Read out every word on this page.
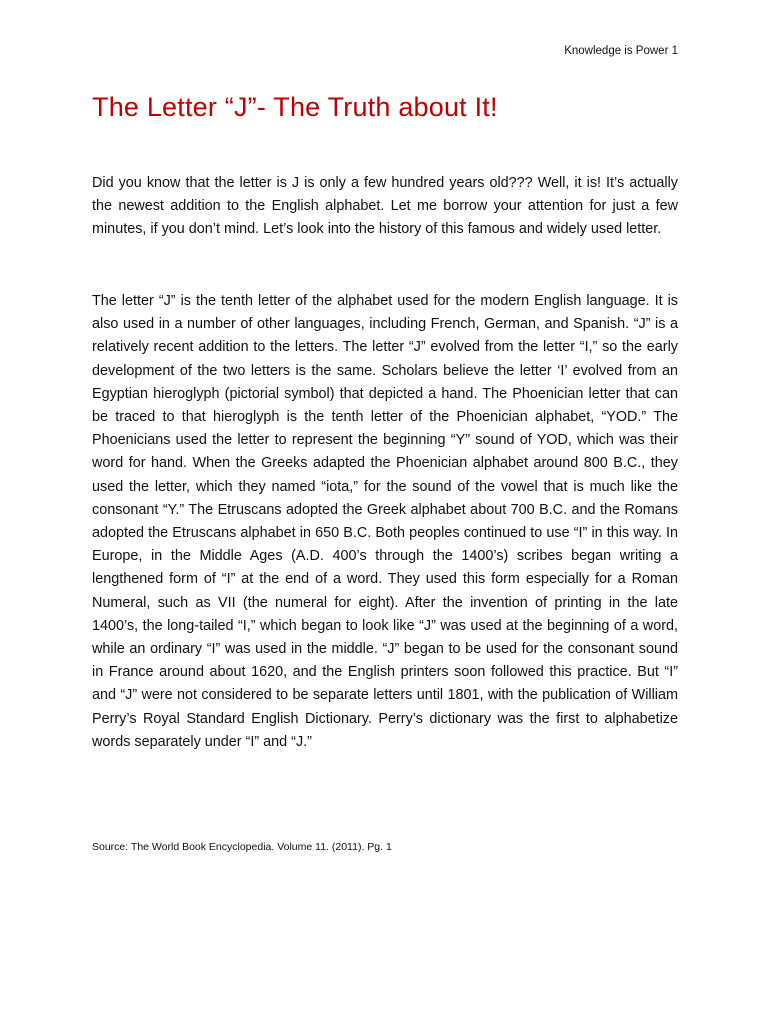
Knowledge is Power 1
The Letter “J”- The Truth about It!

Did you know that the letter is J is only a few hundred years old??? Well, it is! It’s actually the newest addition to the English alphabet. Let me borrow your attention for just a few minutes, if you don’t mind. Let’s look into the history of this famous and widely used letter.

The letter “J” is the tenth letter of the alphabet used for the modern English language. It is also used in a number of other languages, including French, German, and Spanish. “J” is a relatively recent addition to the letters. The letter “J” evolved from the letter “I,” so the early development of the two letters is the same. Scholars believe the letter ‘I’ evolved from an Egyptian hieroglyph (pictorial symbol) that depicted a hand. The Phoenician letter that can be traced to that hieroglyph is the tenth letter of the Phoenician alphabet, “YOD.” The Phoenicians used the letter to represent the beginning “Y” sound of YOD, which was their word for hand. When the Greeks adapted the Phoenician alphabet around 800 B.C., they used the letter, which they named “iota,” for the sound of the vowel that is much like the consonant “Y.” The Etruscans adopted the Greek alphabet about 700 B.C. and the Romans adopted the Etruscans alphabet in 650 B.C. Both peoples continued to use “I” in this way. In Europe, in the Middle Ages (A.D. 400’s through the 1400’s) scribes began writing a lengthened form of “I” at the end of a word. They used this form especially for a Roman Numeral, such as VII (the numeral for eight). After the invention of printing in the late 1400’s, the long-tailed “I,” which began to look like “J” was used at the beginning of a word, while an ordinary “I” was used in the middle. “J” began to be used for the consonant sound in France around about 1620, and the English printers soon followed this practice. But “I” and “J” were not considered to be separate letters until 1801, with the publication of William Perry’s Royal Standard English Dictionary. Perry’s dictionary was the first to alphabetize words separately under “I” and “J.”

Source: The World Book Encyclopedia. Volume 11. (2011). Pg. 1
